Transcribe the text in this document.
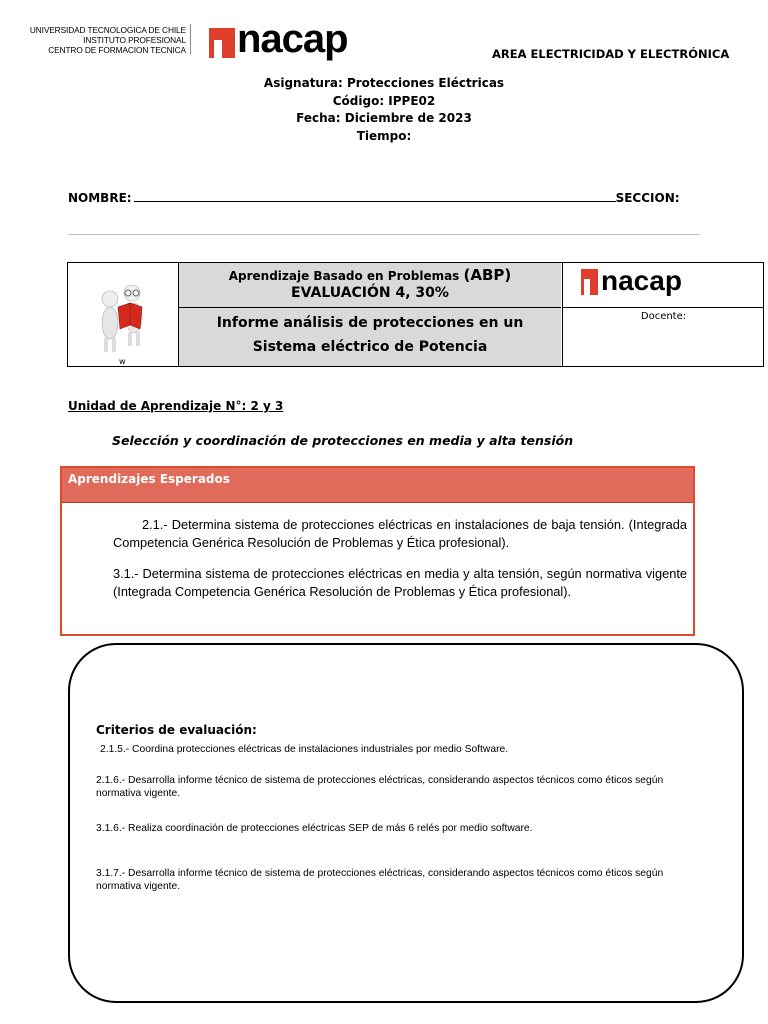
UNIVERSIDAD TECNOLOGICA DE CHILE
INSTITUTO PROFESIONAL
CENTRO DE FORMACION TECNICA nacap	AREA ELECTRICIDAD Y ELECTRÓNICA
Asignatura: Protecciones Eléctricas
Código: IPPE02
Fecha: Diciembre de 2023
Tiempo:
NOMBRE:	SECCION:
w
Aprendizaje Basado en Problemas (ABP)
EVALUACIÓN 4, 30%
Informe análisis de protecciones en un Sistema eléctrico de Potencia
nacap
Docente:
Unidad de Aprendizaje N°: 2 y 3
Selección y coordinación de protecciones en media y alta tensión
Aprendizajes Esperados
2.1.- Determina sistema de protecciones eléctricas en instalaciones de baja tensión. (Integrada Competencia Genérica Resolución de Problemas y Ética profesional).
3.1.- Determina sistema de protecciones eléctricas en media y alta tensión, según normativa vigente (Integrada Competencia Genérica Resolución de Problemas y Ética profesional).
Criterios de evaluación:
2.1.5.- Coordina protecciones eléctricas de instalaciones industriales por medio Software.
2.1.6.- Desarrolla informe técnico de sistema de protecciones eléctricas, considerando aspectos técnicos como éticos según normativa vigente.
3.1.6.- Realiza coordinación de protecciones eléctricas SEP de más 6 relés por medio software.
3.1.7.- Desarrolla informe técnico de sistema de protecciones eléctricas, considerando aspectos técnicos como éticos según normativa vigente.
